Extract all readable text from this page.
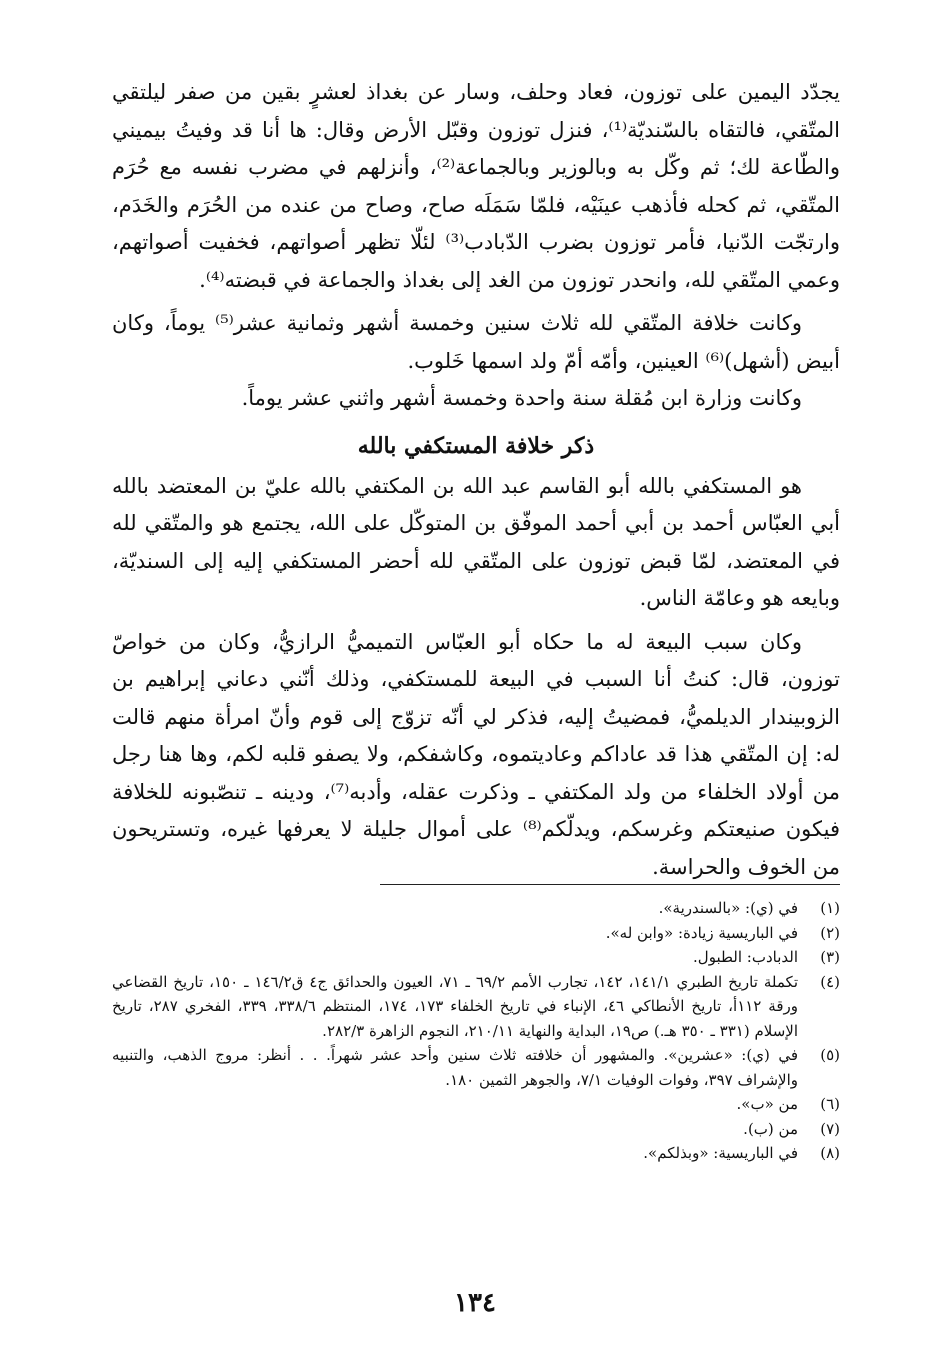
يجدّد اليمين على توزون، فعاد وحلف، وسار عن بغداذ لعشرٍ بقين من صفر ليلتقي المتّقي، فالتقاه بالسّنديّة⁽¹⁾، فنزل توزون وقبّل الأرض وقال: ها أنا قد وفيتُ بيميني والطّاعة لك؛ ثم وكّل به وبالوزير وبالجماعة⁽²⁾، وأنزلهم في مضرب نفسه مع حُرَم المتّقي، ثم كحله فأذهب عينَيْه، فلمّا سَمَلَه صاح، وصاح من عنده من الحُرَم والخَدَم، وارتجّت الدّنيا، فأمر توزون بضرب الدّبادب⁽³⁾ لئلّا تظهر أصواتهم، فخفيت أصواتهم، وعمي المتّقي لله، وانحدر توزون من الغد إلى بغداذ والجماعة في قبضته⁽⁴⁾.

وكانت خلافة المتّقي لله ثلاث سنين وخمسة أشهر وثمانية عشر⁽⁵⁾ يوماً، وكان أبيض (أشهل)⁽⁶⁾ العينين، وأمّه أمّ ولد اسمها خَلوب.

وكانت وزارة ابن مُقلة سنة واحدة وخمسة أشهر واثني عشر يوماً.

ذكر خلافة المستكفي بالله

هو المستكفي بالله أبو القاسم عبد الله بن المكتفي بالله عليّ بن المعتضد بالله أبي العبّاس أحمد بن أبي أحمد الموفّق بن المتوكّل على الله، يجتمع هو والمتّقي لله في المعتضد، لمّا قبض توزون على المتّقي لله أحضر المستكفي إليه إلى السنديّة، وبايعه هو وعامّة الناس.

وكان سبب البيعة له ما حكاه أبو العبّاس التميميُّ الرازيُّ، وكان من خواصّ توزون، قال: كنتُ أنا السبب في البيعة للمستكفي، وذلك أنّني دعاني إبراهيم بن الزوبيندار الديلميُّ، فمضيتُ إليه، فذكر لي أنّه تزوّج إلى قوم وأنّ امرأة منهم قالت له: إن المتّقي هذا قد عاداكم وعاديتموه، وكاشفكم، ولا يصفو قلبه لكم، وها هنا رجل من أولاد الخلفاء من ولد المكتفي ـ وذكرت عقله، وأدبه⁽⁷⁾، ودينه ـ تنصّبونه للخلافة فيكون صنيعتكم وغرسكم، ويدلّكم⁽⁸⁾ على أموال جليلة لا يعرفها غيره، وتستريحون من الخوف والحراسة.

(١)
في (ي): «بالسندرية».
(٢)
في الباريسية زيادة: «وابن له».
(٣)
الدبادب: الطبول.
(٤)
تكملة تاريخ الطبري ١٤١/١، ١٤٢، تجارب الأمم ٦٩/٢ ـ ٧١، العيون والحدائق ج٤ ق١٤٦/٢ ـ ١٥٠، تاريخ القضاعي ورقة ١١٢أ، تاريخ الأنطاكي ٤٦، الإنباء في تاريخ الخلفاء ١٧٣، ١٧٤، المنتظم ٣٣٨/٦، ٣٣٩، الفخري ٢٨٧، تاريخ الإسلام (٣٣١ ـ ٣٥٠ هـ.) ص١٩، البداية والنهاية ٢١٠/١١، النجوم الزاهرة ٢٨٢/٣.
(٥)
في (ي): «عشرين». والمشهور أن خلافته ثلاث سنين وأحد عشر شهراً. . . أنظر: مروج الذهب، والتنبيه والإشراف ٣٩٧، وفوات الوفيات ٧/١، والجوهر الثمين ١٨٠.
(٦)
من «ب».
(٧)
من (ب).
(٨)
في الباريسية: «وبذلكم».
١٣٤
